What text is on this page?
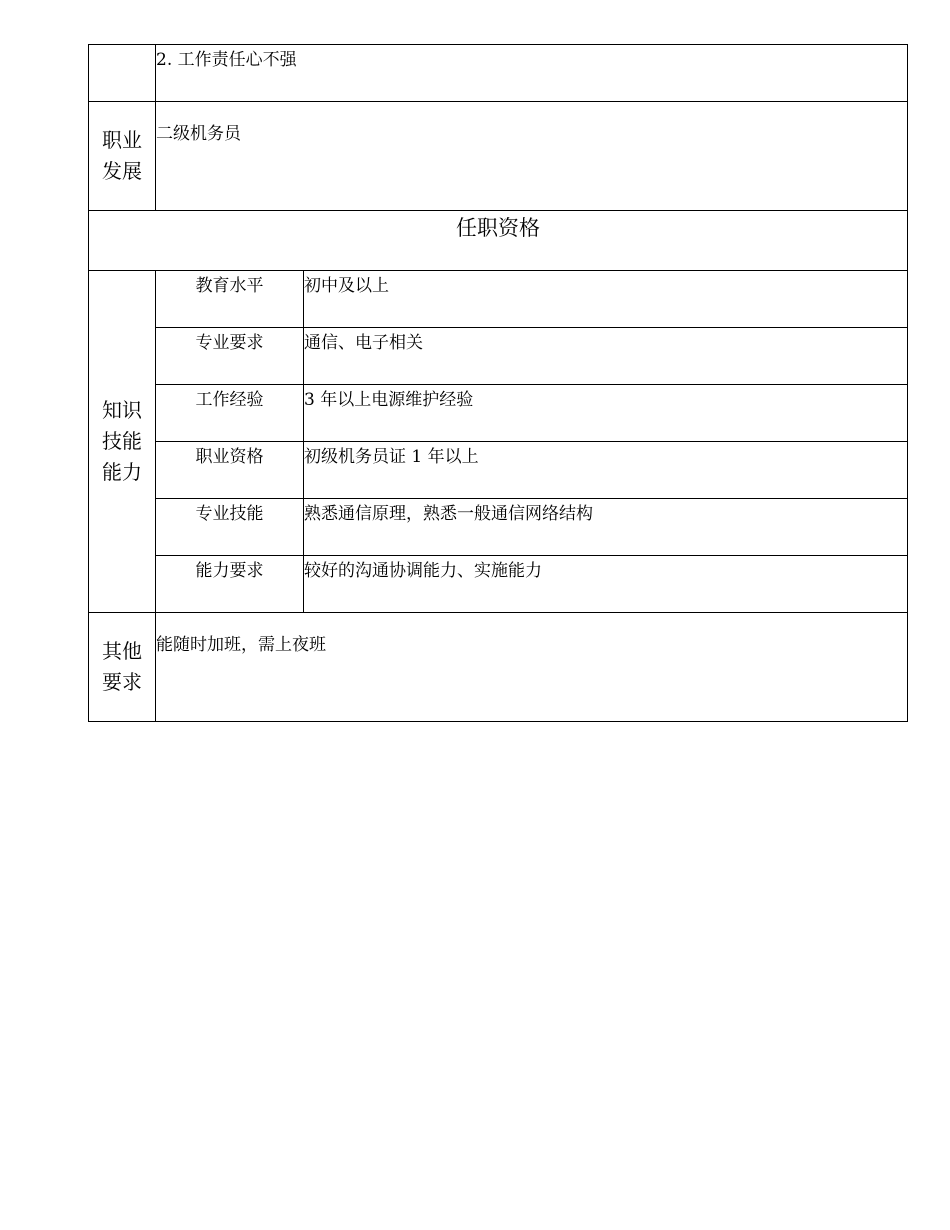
	2. 工作责任心不强	

职业
发展	二级机务员	
任职资格		

知识
技能
能力	教育水平	初中及以上
	专业要求	通信、电子相关
	工作经验	3 年以上电源维护经验
	职业资格	初级机务员证 1 年以上
	专业技能	熟悉通信原理，熟悉一般通信网络结构
	能力要求	较好的沟通协调能力、实施能力

其他
要求	能随时加班，需上夜班	
